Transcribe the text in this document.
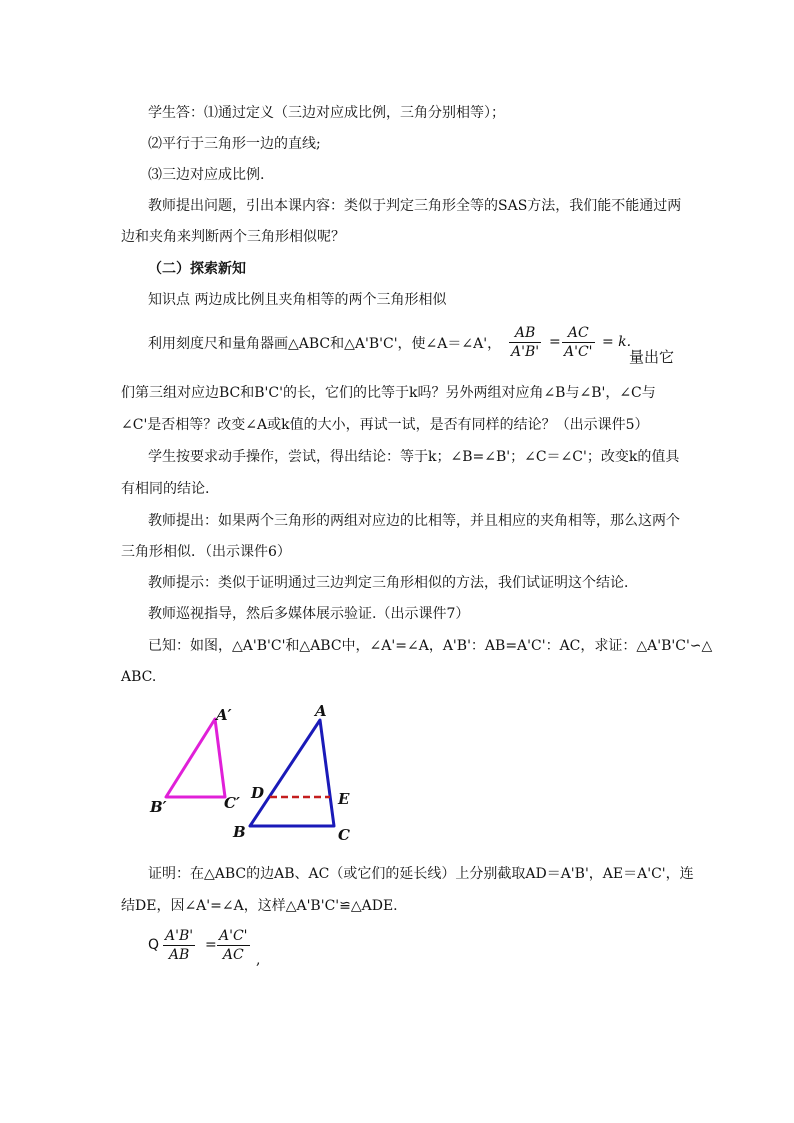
学生答：⑴通过定义（三边对应成比例，三角分别相等）；
⑵平行于三角形一边的直线;
⑶三边对应成比例.
教师提出问题，引出本课内容：类似于判定三角形全等的SAS方法，我们能不能通过两
边和夹角来判断两个三角形相似呢？
（二）探索新知
知识点 两边成比例且夹角相等的两个三角形相似
利用刻度尺和量角器画△ABC和△A'B'C'，使∠A＝∠A'，
AB
A'B'
=
AC
A'C'
= k.
量出它
们第三组对应边BC和B'C'的长，它们的比等于k吗？另外两组对应角∠B与∠B'，∠C与
∠C'是否相等？改变∠A或k值的大小，再试一试，是否有同样的结论？（出示课件5）
学生按要求动手操作，尝试，得出结论：等于k；∠B=∠B'；∠C＝∠C'；改变k的值具
有相同的结论.
教师提出：如果两个三角形的两组对应边的比相等，并且相应的夹角相等，那么这两个
三角形相似．（出示课件6）
教师提示：类似于证明通过三边判定三角形相似的方法，我们试证明这个结论．
教师巡视指导，然后多媒体展示验证.（出示课件7）
已知：如图，△A'B'C'和△ABC中，∠A'=∠A，A'B'：AB=A'C'：AC，求证：△A'B'C'∽△
ABC.
A′
B′	C′
A
B	C
D	E
证明：在△ABC的边AB、AC（或它们的延长线）上分别截取AD＝A'B'，AE＝A'C'，连
结DE，因∠A'=∠A，这样△A'B'C'≌△ADE.
Q
A'B'
AB
=
A'C'
AC ,
